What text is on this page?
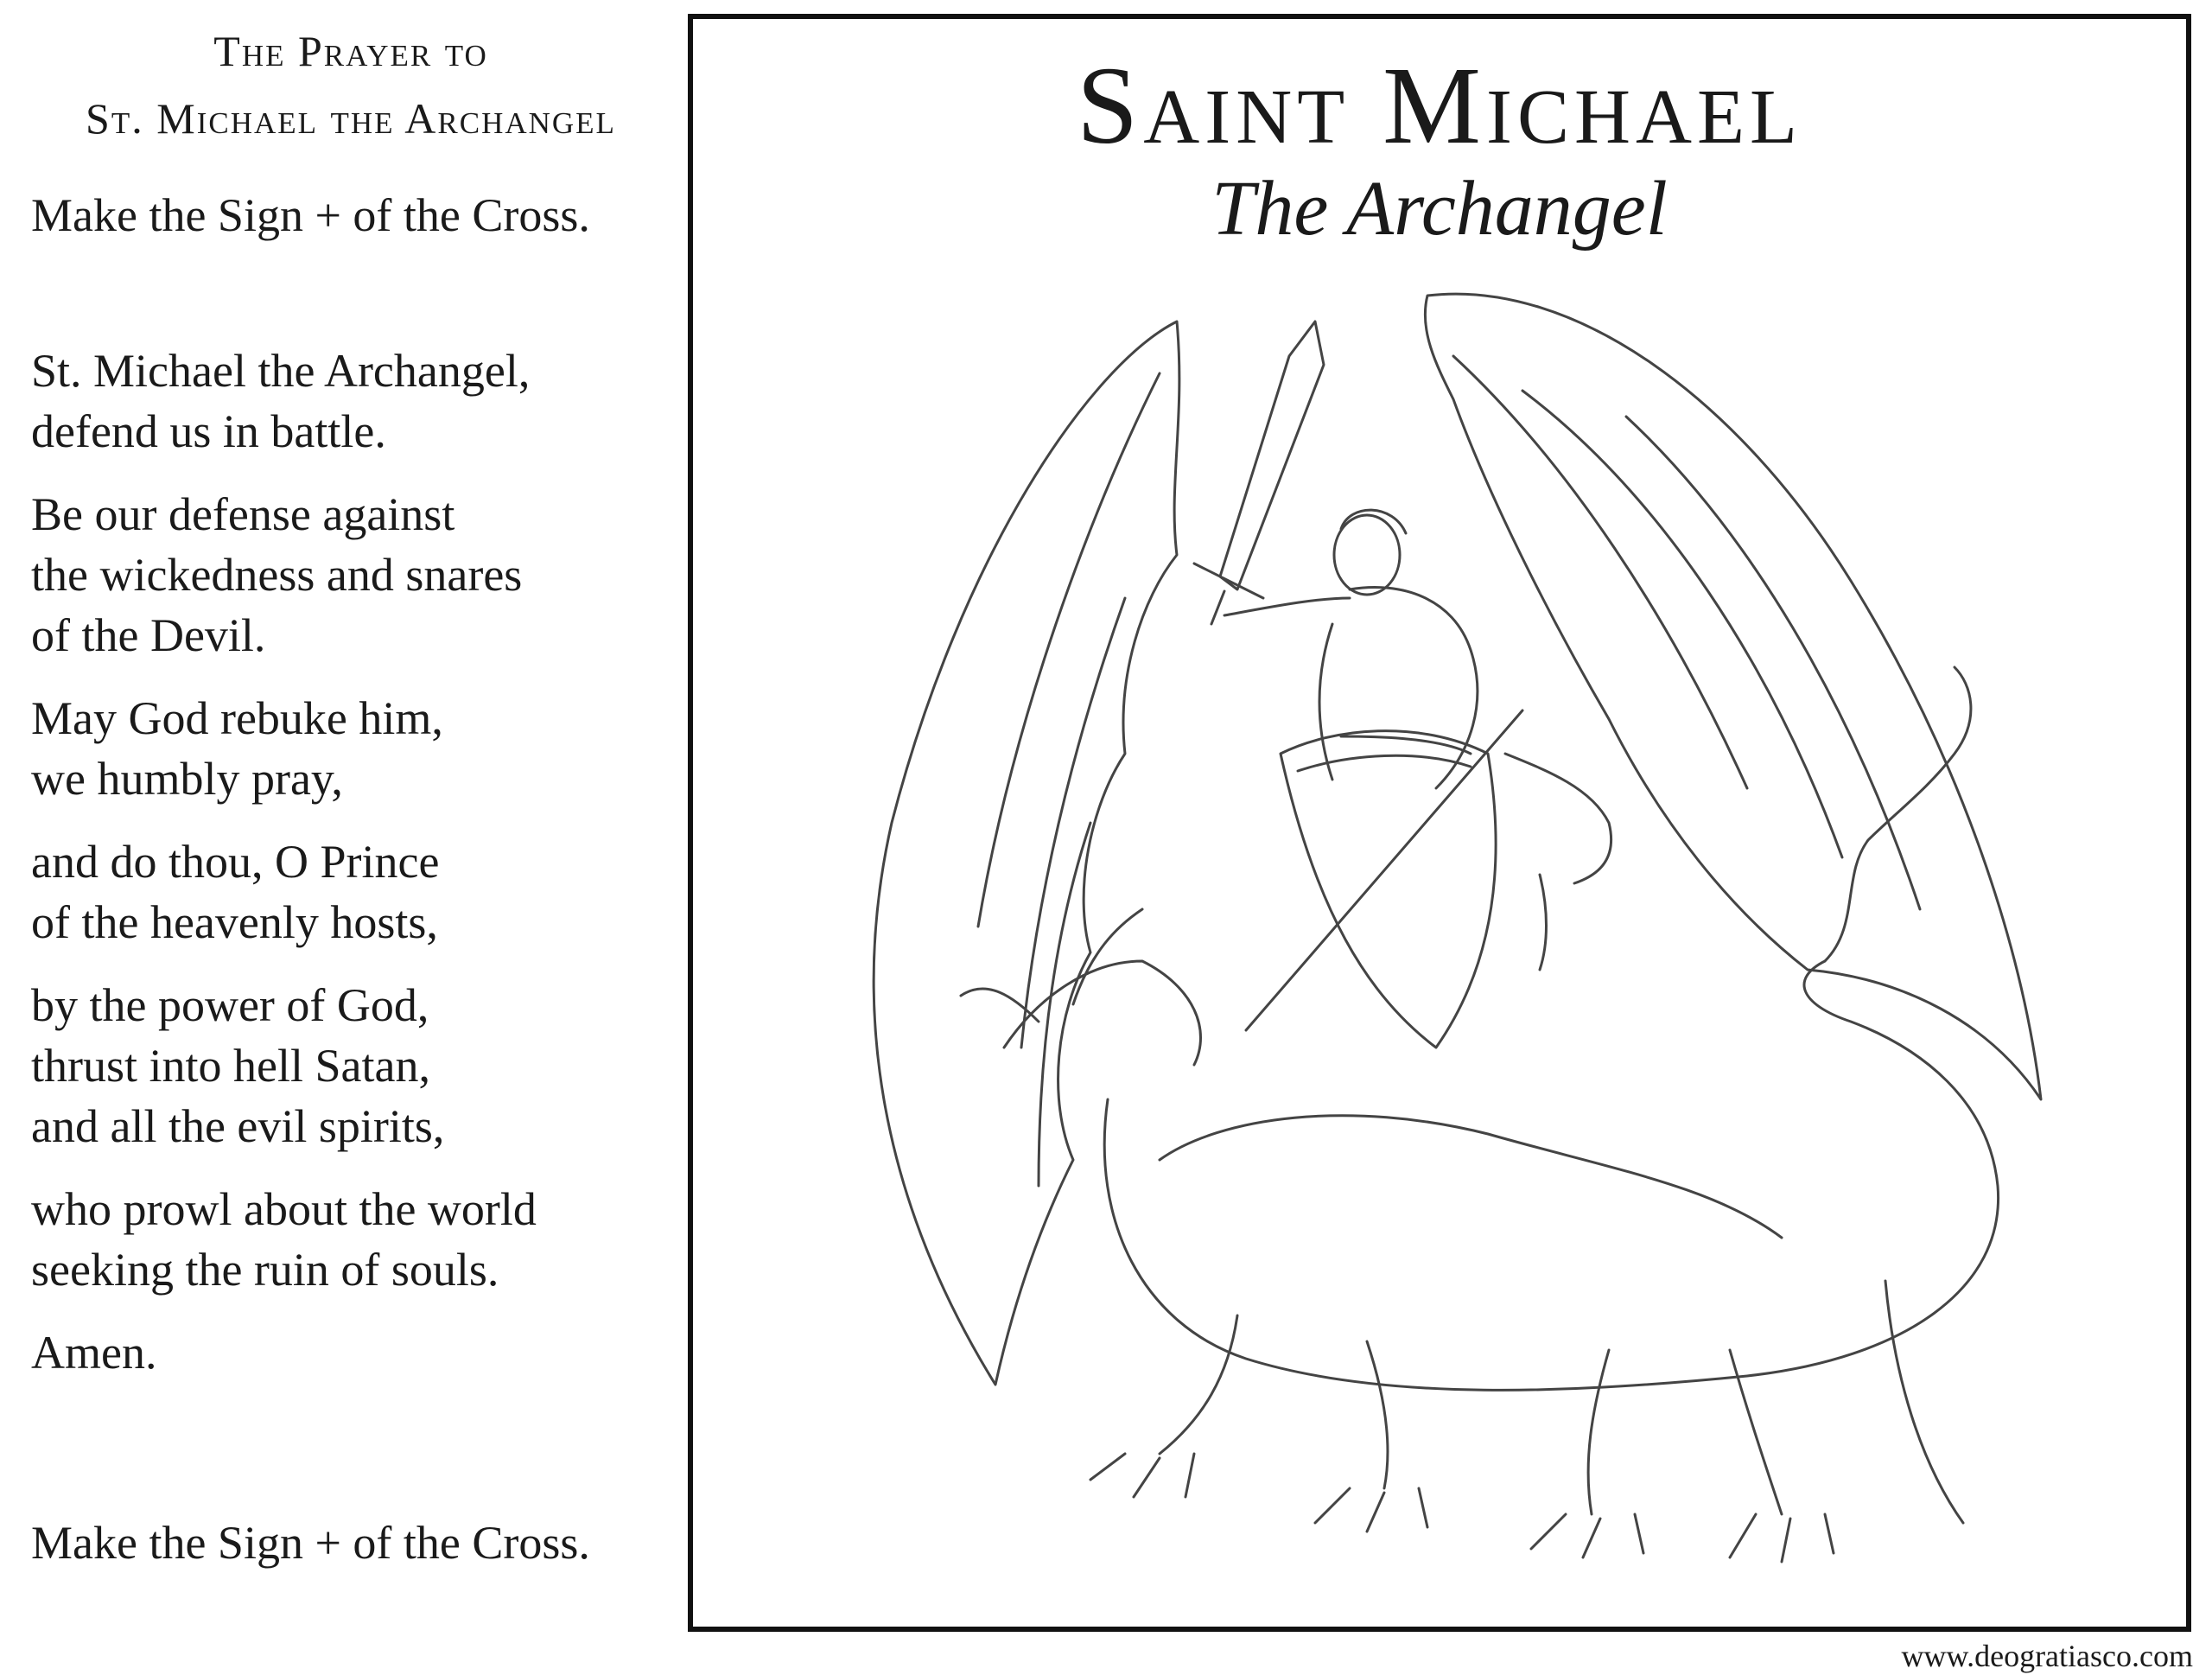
The Prayer to
St. Michael the Archangel
Make the Sign + of the Cross.
St. Michael the Archangel,
defend us in battle.
Be our defense against
the wickedness and snares
of the Devil.
May God rebuke him,
we humbly pray,
and do thou, O Prince
of the heavenly hosts,
by the power of God,
thrust into hell Satan,
and all the evil spirits,
who prowl about the world
seeking the ruin of souls.
Amen.
Make the Sign + of the Cross.
Saint Michael
The Archangel
www.deogratiasco.com
